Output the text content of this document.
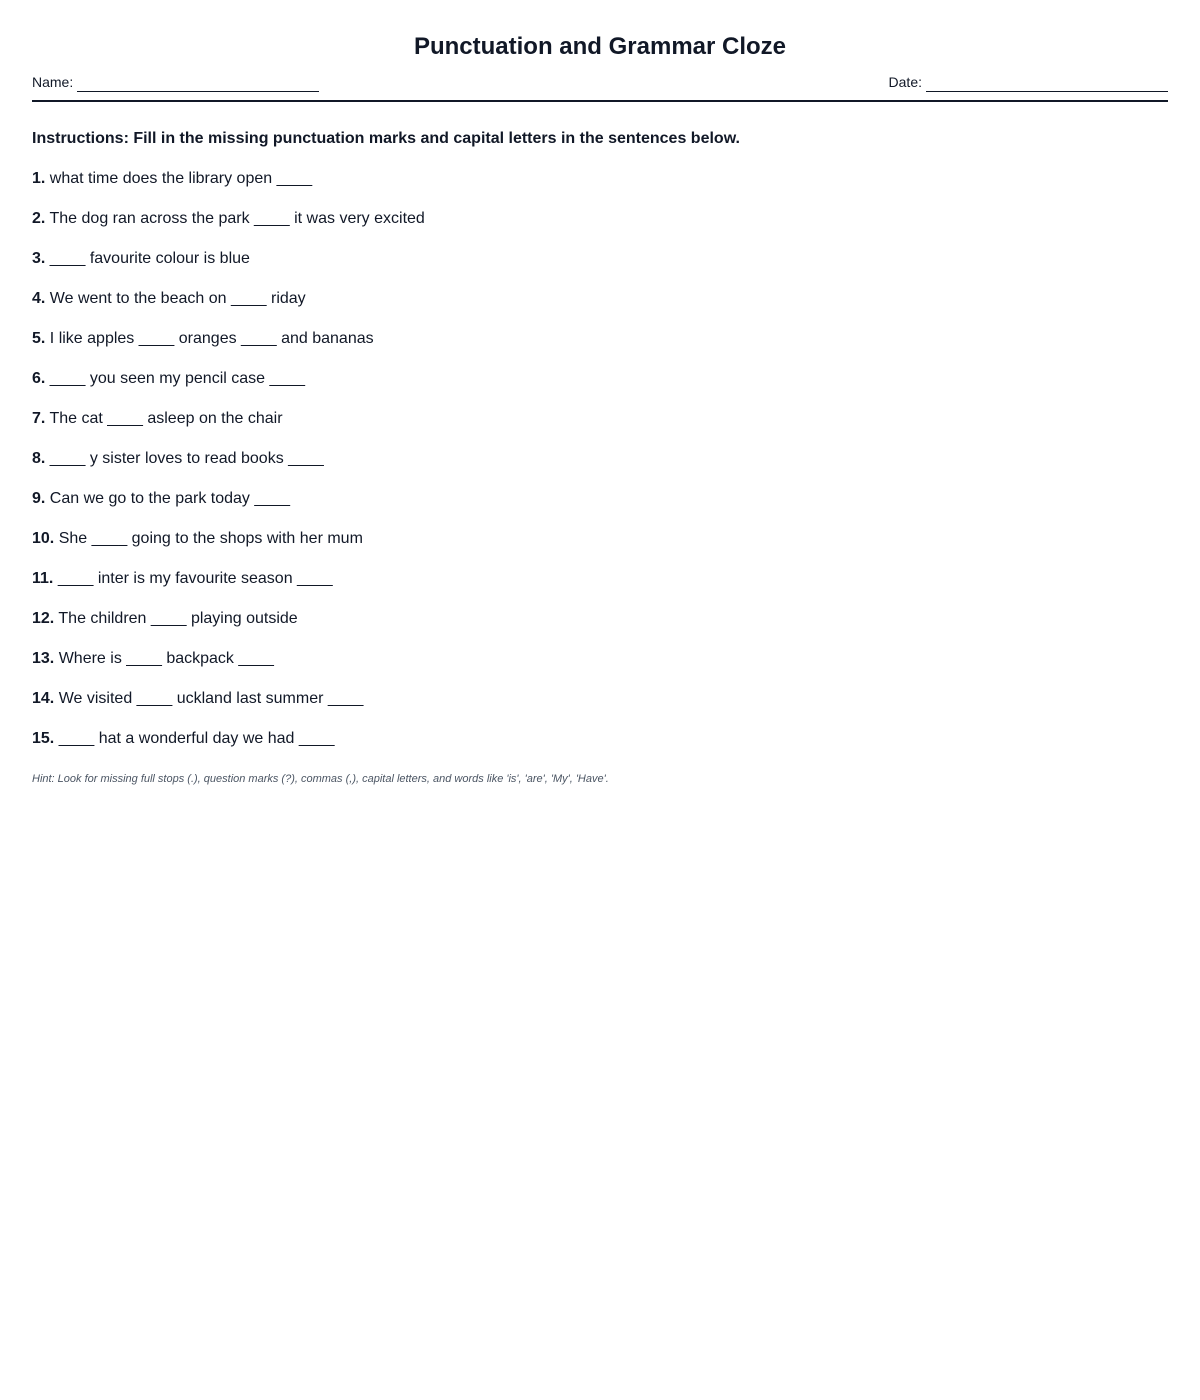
Punctuation and Grammar Cloze
Name:	Date:
Instructions: Fill in the missing punctuation marks and capital letters in the sentences below.
1. what time does the library open ____
2. The dog ran across the park ____ it was very excited
3. ____ favourite colour is blue
4. We went to the beach on ____ riday
5. I like apples ____ oranges ____ and bananas
6. ____ you seen my pencil case ____
7. The cat ____ asleep on the chair
8. ____ y sister loves to read books ____
9. Can we go to the park today ____
10. She ____ going to the shops with her mum
11. ____ inter is my favourite season ____
12. The children ____ playing outside
13. Where is ____ backpack ____
14. We visited ____ uckland last summer ____
15. ____ hat a wonderful day we had ____
Hint: Look for missing full stops (.), question marks (?), commas (,), capital letters, and words like 'is', 'are', 'My', 'Have'.
